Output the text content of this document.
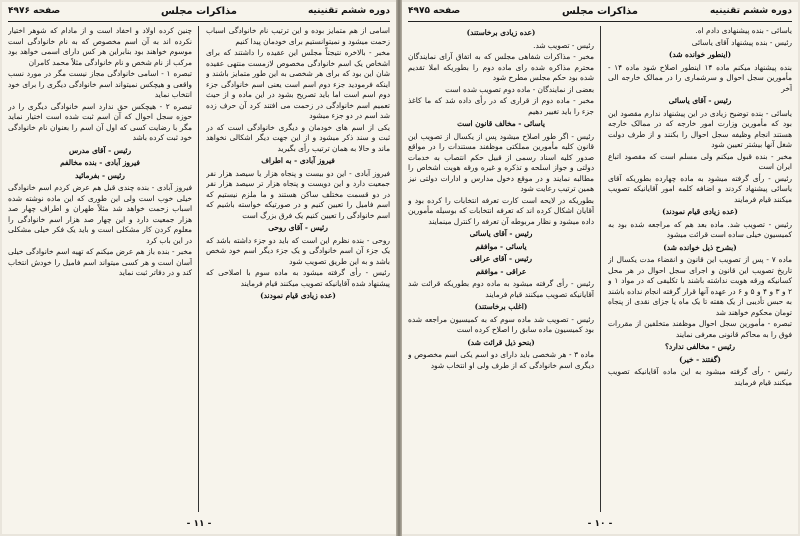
دوره ششم تقنینیه
مذاکرات مجلس
صفحه ۴۹۷۶

اسامی از هم متمایز بوده و این ترتیب نام خانوادگی اسباب زحمت میشود و نمیتوانستیم برای خودمان پیدا کنیم

مخبر - بالاخره نتیجتاً مجلس این عقیده را داشتند که برای اشخاص یک اسم خانوادگی مخصوص لازمست منتهی عقیده شان این بود که برای هر شخصی به این طور متمایز باشند و اینکه فرمودید جزء دوم اسم است یعنی اسم خانوادگی جزء دوم اسم است اما باید تصریح بشود در این ماده و از حیث تعمیم اسم خانوادگی در زحمت می افتند کرد آن حرف زده شد اسم در دو جزء میشود

یکی از اسم های خودمان و دیگری خانوادگی است که در ثبت و سند ذکر میشود و از این جهت دیگر اشکالی نخواهد ماند و حالا به همان ترتیب رأی بگیرید

فیروز آبادی - به اطراف

فیروز آبادی - این دو بیست و پنجاه هزار یا سیصد هزار نفر جمعیت دارد و این دویست و پنجاه هزار تر سیصد هزار نفر در دو قسمت مختلف ساکن هستند و ما ملزم نیستیم که اسم فامیل را تعیین کنیم و در صورتیکه خواسته باشیم که اسم خانوادگی را تعیین کنیم یک فرق بزرگ است

رئیس - آقای روحی

روحی - بنده نظرم این است که باید دو جزء داشته باشد که یک جزء آن اسم خانوادگی و یک جزء دیگر اسم خود شخص باشد و به این طریق تصویب شود

رئیس - رأی گرفته میشود به ماده سوم با اصلاحی که پیشنهاد شده آقایانیکه تصویب میکنند قیام فرمایند

(عده زیادی قیام نمودند)

چنین کرده اولاد و احفاد است و از مادام که شوهر اختیار نکرده اند به آن اسم مخصوص که به نام خانوادگی است موسوم خواهند بود بنابراین هر کس دارای اسمی خواهد بود مرکب از نام شخص و نام خانوادگی مثلاً محمد کامران

تبصره ۱ - اسامی خانوادگی مجاز نیست مگر در مورد نسب واقعی و هیچکس نمیتواند اسم خانوادگی دیگری را برای خود انتخاب نماید

تبصره ۲ - هیچکس حق ندارد اسم خانوادگی دیگری را در حوزه سجل احوال که آن اسم ثبت شده است اختیار نماید مگر با رضایت کسی که اول آن اسم را بعنوان نام خانوادگی خود ثبت کرده باشد

رئیس - آقای مدرس

فیروز آبادی - بنده مخالفم

رئیس - بفرمائید

فیروز آبادی - بنده چندی قبل هم عرض کردم اسم خانوادگی خیلی خوب است ولی این طوری که این ماده نوشته شده اسباب زحمت خواهد شد مثلاً طهران و اطراف چهار صد هزار جمعیت دارد و این چهار صد هزار اسم خانوادگی را معلوم کردن کار مشکلی است و باید یک فکر خیلی مشکلی در این باب کرد

مخبر - بنده باز هم عرض میکنم که تهیه اسم خانوادگی خیلی آسان است و هر کسی میتواند اسم فامیل را خودش انتخاب کند و در دفاتر ثبت نماید

- ۱۱ -
دوره ششم تقنینیه
مذاکرات مجلس
صفحه ۴۹۷۵

یاسائی - بنده پیشنهادی دادم اه.

رئیس - بنده پیشنهاد آقای یاسائی

(اینطور خوانده شد)

بنده پیشنهاد میکنم ماده ۱۴ اینطور اصلاح شود ماده ۱۴ - مأمورین سجل احوال و سرشماری را در ممالک خارجه الی آخر

رئیس - آقای یاسائی

یاسائی - بنده توضیح زیادی در این پیشنهاد ندارم مقصود این بود که مأمورین وزارت امور خارجه که در ممالک خارجه هستند انجام وظیفه سجل احوال را بکنند و از طرف دولت شغل آنها بیشتر تعیین شود

مخبر - بنده قبول میکنم ولی مسلم است که مقصود اتباع ایران است

رئیس - رأی گرفته میشود به ماده چهارده بطوریکه آقای یاسائی پیشنهاد کردند و اضافه کلمه امور آقایانیکه تصویب میکنند قیام فرمایند

(عده زیادی قیام نمودند)

رئیس - تصویب شد. ماده بعد هم که مراجعه شده بود به کمیسیون خیلی ساده است قرائت میشود

(بشرح ذیل خوانده شد)

ماده ۷ - پس از تصویب این قانون و انقضاء مدت یکسال از تاریخ تصویب این قانون و اجرای سجل احوال در هر محل کسانیکه ورقه هویت نداشته باشند با تکلیفی که در مواد ۱ و ۲ و ۳ و ۴ و ۵ و ۶ در عهده آنها قرار گرفته انجام نداده باشند به حبس تأدیبی از یک هفته تا یک ماه یا جزای نقدی از پنجاه تومان محکوم خواهند شد

تبصره - مأمورین سجل احوال موظفند متخلفین از مقررات فوق را به محاکم قانونی معرفی نمایند

رئیس - مخالفی ندارد؟

(گفتند - خیر)

رئیس - رأی گرفته میشود به این ماده آقایانیکه تصویب میکنند قیام فرمایند

(عده زیادی برخاستند)

رئیس - تصویب شد.

مخبر - مذاکرات شفاهی مجلس که به اتفاق آرای نمایندگان محترم مذاکره شده رای ماده دوم را بطوریکه املا تقدیم شده بود حکم مجلس مطرح شود

بعضی از نمایندگان - ماده دوم تصویب شده است

مخبر - ماده دوم از قراری که در رأی داده شد که ما کاغذ جزء را باید تغییر دهیم

یاسائی - مخالف قانون است

رئیس - اگر طور اصلاح میشود پس از یکسال از تصویب این قانون کلیه مأمورین مملکتی موظفند مستندات را در مواقع صدور کلیه اسناد رسمی از قبیل حکم انتصاب به خدمات دولتی و جواز اسلحه و تذکره و غیره ورقه هویت اشخاص را مطالبه نمایند و در موقع دخول مدارس و ادارات دولتی نیز همین ترتیب رعایت شود

بطوریکه در لایحه است کارت تعرفه انتخابات را کرده بود و آقایان اشکال کرده اند که تعرفه انتخابات که بوسیله مأمورین داده میشود و نظار مربوطه آن تعرفه را کنترل مینمایند

رئیس - آقای یاسائی

یاسائی - موافقم

رئیس - آقای عراقی

عراقی - موافقم

رئیس - رأی گرفته میشود به ماده دوم بطوریکه قرائت شد آقایانیکه تصویب میکنند قیام فرمایند

(اغلب برخاستند)

رئیس - تصویب شد ماده سوم که به کمیسیون مراجعه شده بود کمیسیون ماده سابق را اصلاح کرده است

(بنحو ذیل قرائت شد)

ماده ۳ - هر شخصی باید دارای دو اسم یکی اسم مخصوص و دیگری اسم خانوادگی که از طرف ولی او انتخاب شود

- ۱۰ -
